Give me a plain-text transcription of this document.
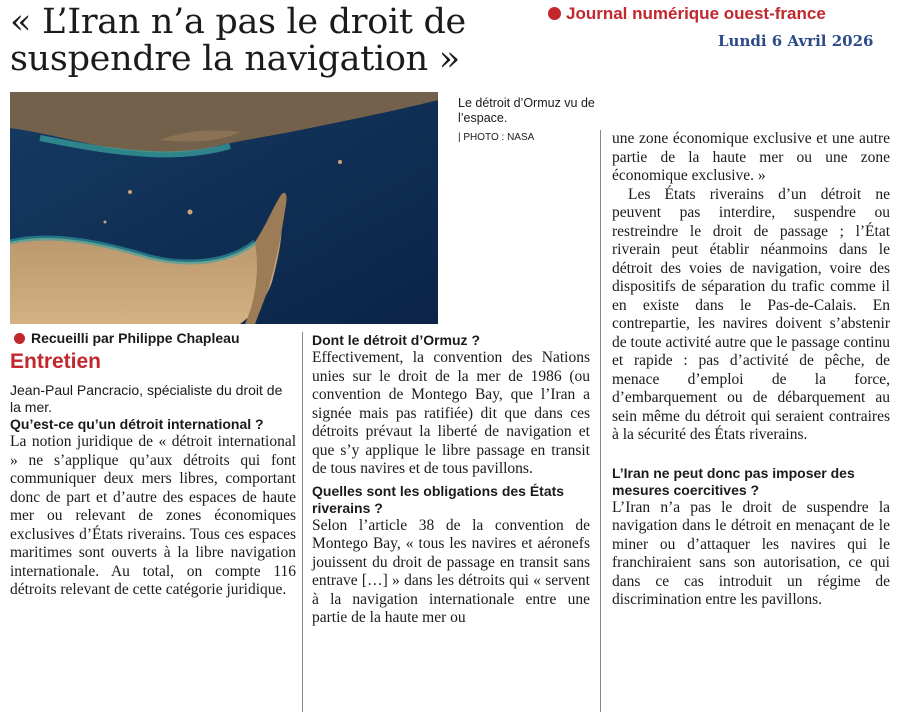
« L’Iran n’a pas le droit de suspendre la navigation »
Journal numérique ouest-france
Lundi 6 Avril 2026
Le détroit d’Ormuz vu de l’espace.
| PHOTO : NASA
Recueilli par Philippe Chapleau
Entretien

Jean-Paul Pancracio, spécialiste du droit de la mer.

Qu’est-ce qu’un détroit international ?

La notion juridique de « détroit international » ne s’applique qu’aux détroits qui font communiquer deux mers libres, comportant donc de part et d’autre des espaces de haute mer ou relevant de zones économiques exclusives d’États riverains. Tous ces espaces maritimes sont ouverts à la libre navigation internationale. Au total, on compte 116 détroits relevant de cette catégorie juridique.

Dont le détroit d’Ormuz ?

Effectivement, la convention des Nations unies sur le droit de la mer de 1986 (ou convention de Montego Bay, que l’Iran a signée mais pas ratifiée) dit que dans ces détroits prévaut la liberté de navigation et que s’y applique le libre passage en transit de tous navires et de tous pavillons.

Quelles sont les obligations des États riverains ?

Selon l’article 38 de la convention de Montego Bay, « tous les navires et aéronefs jouissent du droit de passage en transit sans entrave […] » dans les détroits qui « servent à la navigation internationale entre une partie de la haute mer ou

une zone économique exclusive et une autre partie de la haute mer ou une zone économique exclusive. »

Les États riverains d’un détroit ne peuvent pas interdire, suspendre ou restreindre le droit de passage ; l’État riverain peut établir néanmoins dans le détroit des voies de navigation, voire des dispositifs de séparation du trafic comme il en existe dans le Pas-de-Calais. En contrepartie, les navires doivent s’abstenir de toute activité autre que le passage continu et rapide : pas d’activité de pêche, de menace d’emploi de la force, d’embarquement ou de débarquement au sein même du détroit qui seraient contraires à la sécurité des États riverains.

L’Iran ne peut donc pas imposer des mesures coercitives ?

L’Iran n’a pas le droit de suspendre la navigation dans le détroit en menaçant de le miner ou d’attaquer les navires qui le franchiraient sans son autorisation, ce qui dans ce cas introduit un régime de discrimination entre les pavillons.
